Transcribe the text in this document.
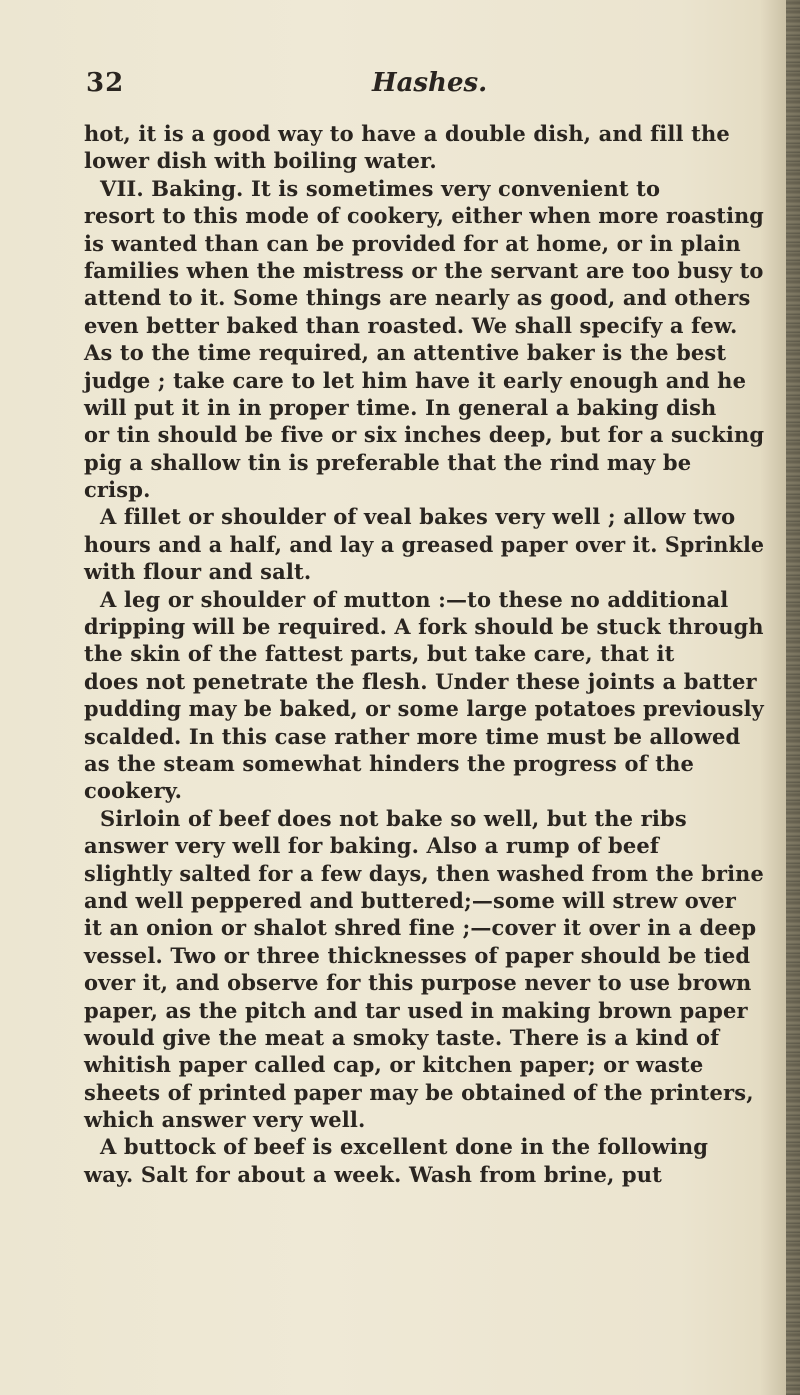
32	Hashes.
hot, it is a good way to have a double dish, and fill the
lower dish with boiling water.
VII. Baking. It is sometimes very convenient to
resort to this mode of cookery, either when more roasting
is wanted than can be provided for at home, or in plain
families when the mistress or the servant are too busy to
attend to it. Some things are nearly as good, and others
even better baked than roasted. We shall specify a few.
As to the time required, an attentive baker is the best
judge ; take care to let him have it early enough and he
will put it in in proper time. In general a baking dish
or tin should be five or six inches deep, but for a sucking
pig a shallow tin is preferable that the rind may be
crisp.
A fillet or shoulder of veal bakes very well ; allow two
hours and a half, and lay a greased paper over it. Sprinkle
with flour and salt.
A leg or shoulder of mutton :—to these no additional
dripping will be required. A fork should be stuck through
the skin of the fattest parts, but take care, that it
does not penetrate the flesh. Under these joints a batter
pudding may be baked, or some large potatoes previously
scalded. In this case rather more time must be allowed
as the steam somewhat hinders the progress of the
cookery.
Sirloin of beef does not bake so well, but the ribs
answer very well for baking. Also a rump of beef
slightly salted for a few days, then washed from the brine
and well peppered and buttered;—some will strew over
it an onion or shalot shred fine ;—cover it over in a deep
vessel. Two or three thicknesses of paper should be tied
over it, and observe for this purpose never to use brown
paper, as the pitch and tar used in making brown paper
would give the meat a smoky taste. There is a kind of
whitish paper called cap, or kitchen paper; or waste
sheets of printed paper may be obtained of the printers,
which answer very well.
A buttock of beef is excellent done in the following
way. Salt for about a week. Wash from brine, put
